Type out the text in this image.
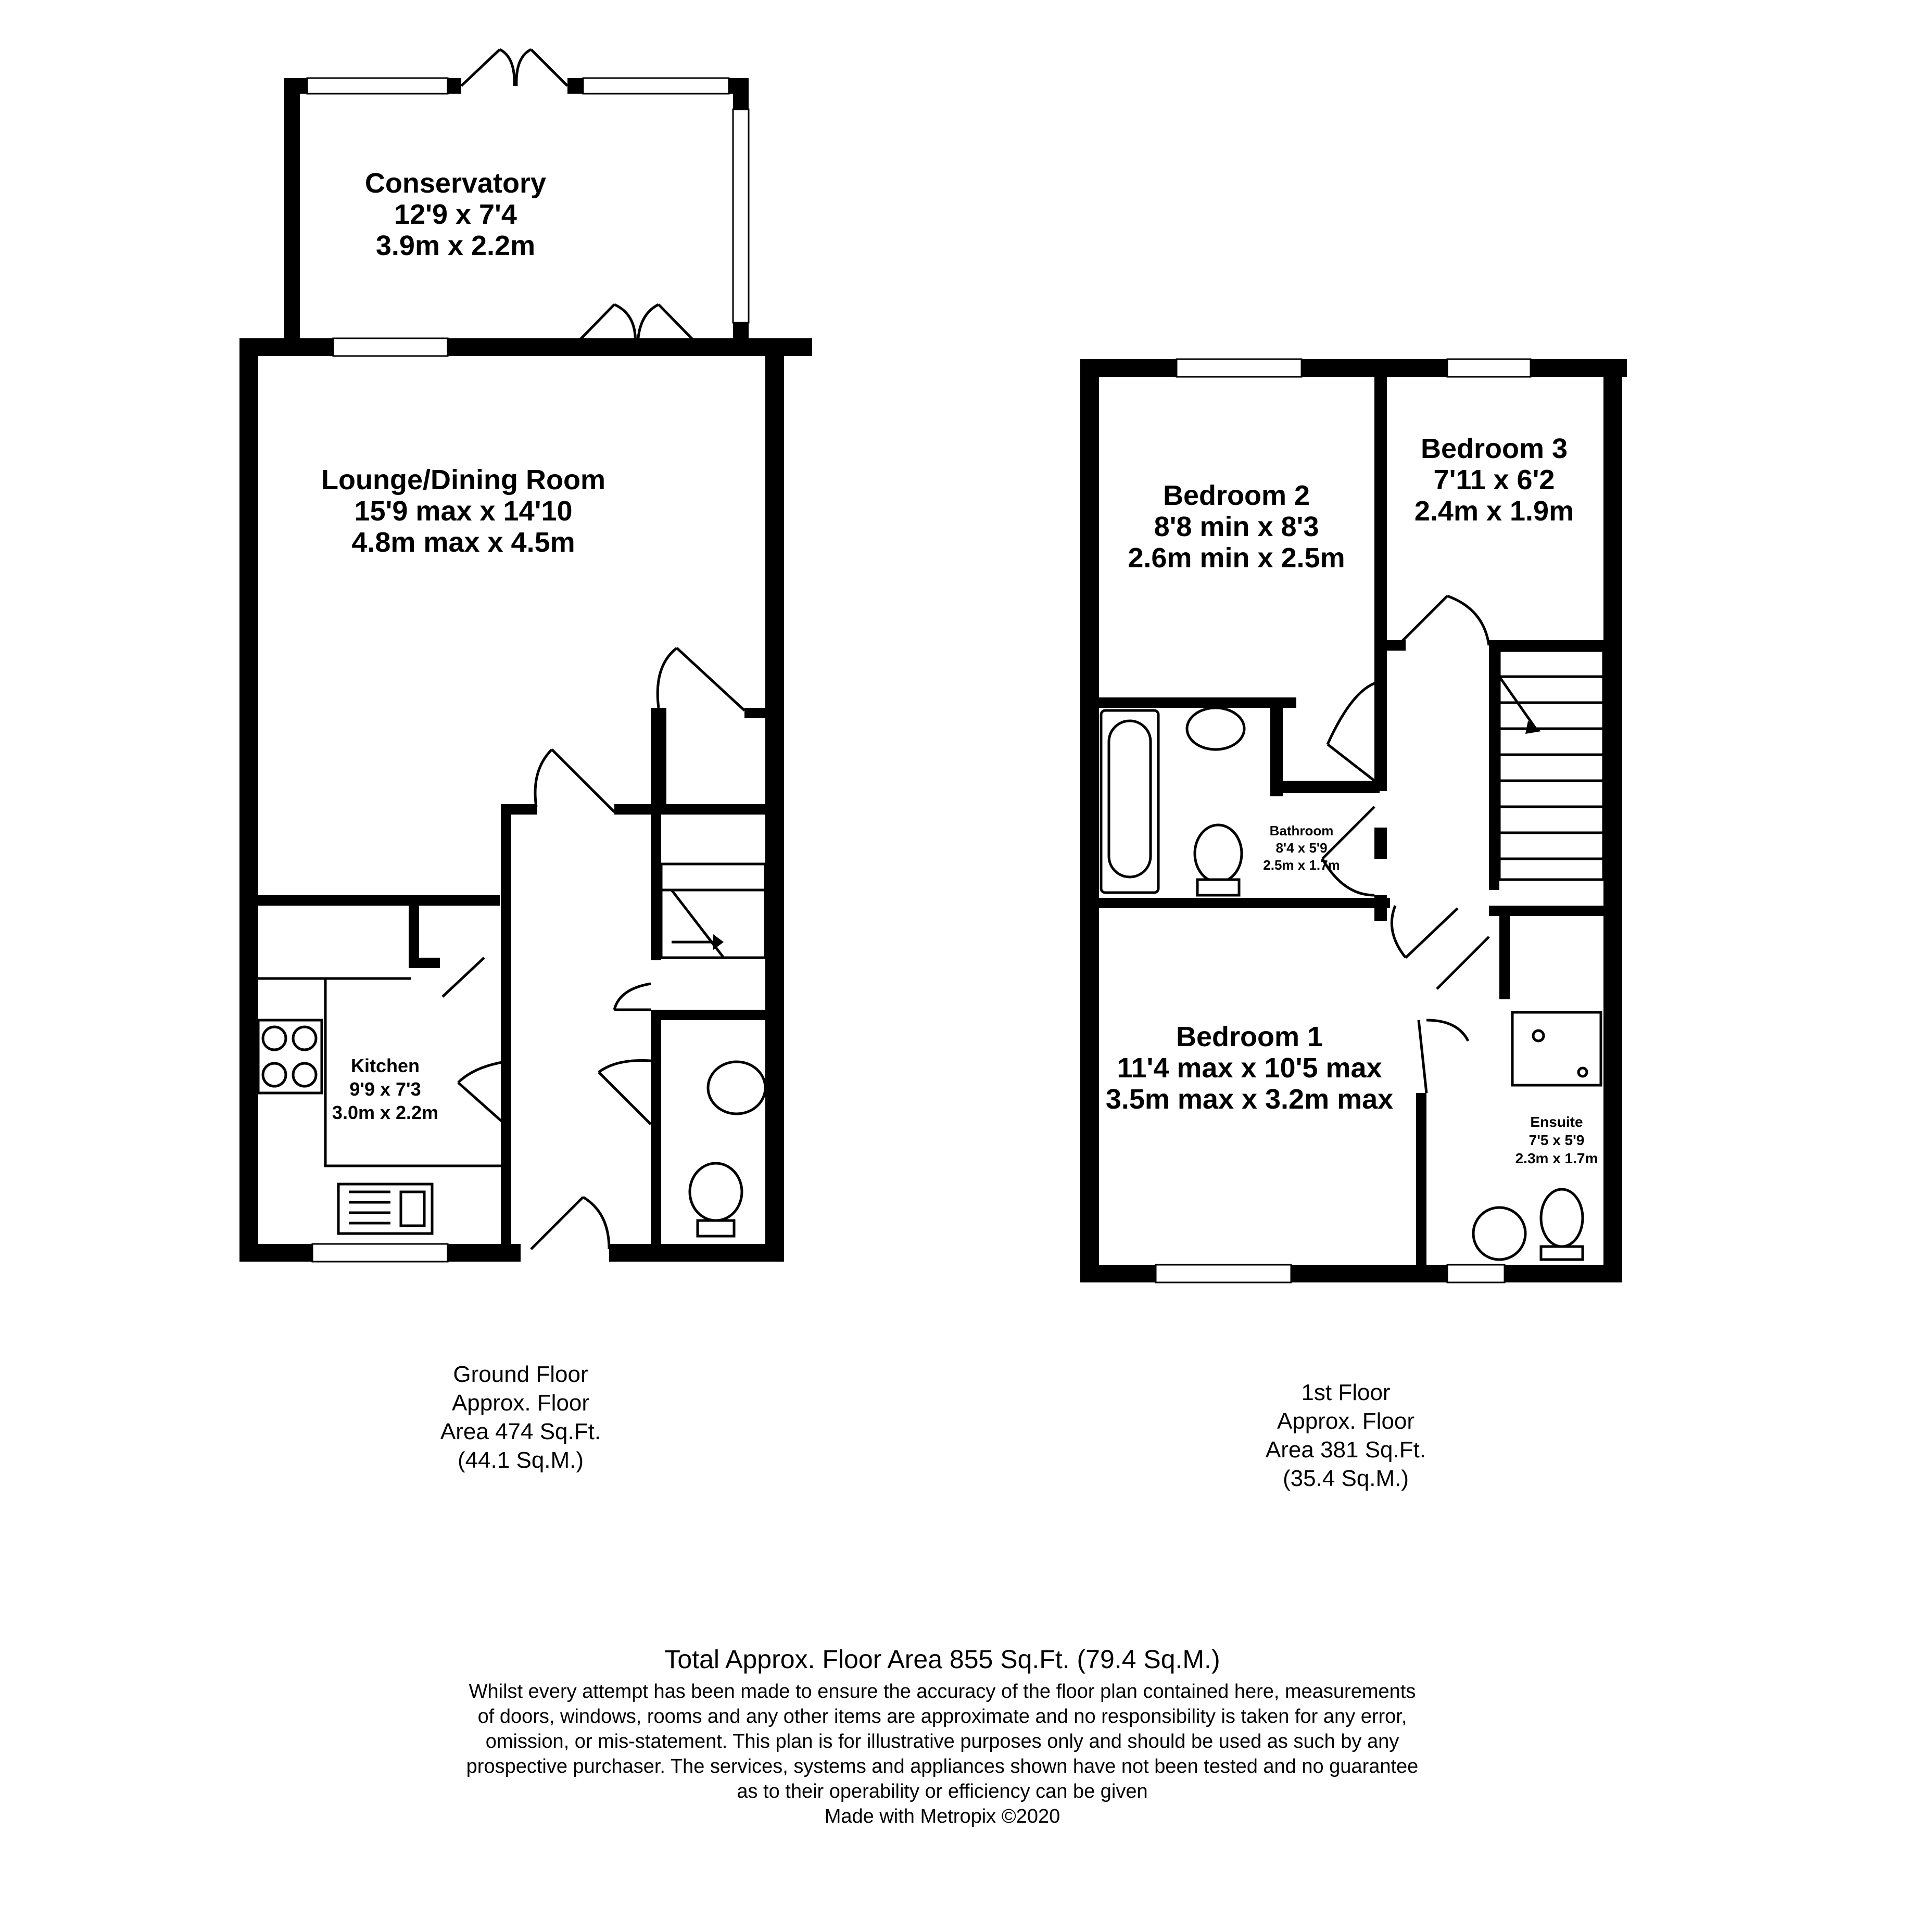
Conservatory
12'9 x 7'4
3.9m x 2.2m
Lounge/Dining Room
15'9 max x 14'10
4.8m max x 4.5m
Kitchen
9'9 x 7'3
3.0m x 2.2m
Bedroom 2
8'8 min x 8'3
2.6m min x 2.5m
Bedroom 3
7'11 x 6'2
2.4m x 1.9m
Bathroom
8'4 x 5'9
2.5m x 1.7m
Bedroom 1
11'4 max x 10'5 max
3.5m max x 3.2m max
Ensuite
7'5 x 5'9
2.3m x 1.7m
Ground Floor
Approx. Floor
Area 474 Sq.Ft.
(44.1 Sq.M.)
1st Floor
Approx. Floor
Area 381 Sq.Ft.
(35.4 Sq.M.)
Total Approx. Floor Area 855 Sq.Ft. (79.4 Sq.M.)
Whilst every attempt has been made to ensure the accuracy of the floor plan contained here, measurements
of doors, windows, rooms and any other items are approximate and no responsibility is taken for any error,
omission, or mis-statement. This plan is for illustrative purposes only and should be used as such by any
prospective purchaser. The services, systems and appliances shown have not been tested and no guarantee
as to their operability or efficiency can be given
Made with Metropix ©2020
